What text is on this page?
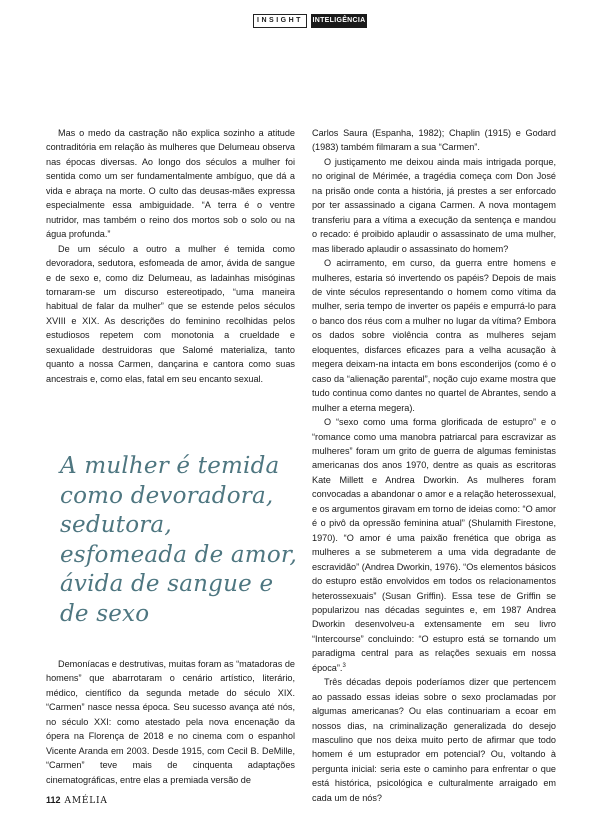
INSIGHT	INTELIGÊNCIA

Mas o medo da castração não explica sozinho a atitude contraditória em relação às mulheres que Delumeau observa nas épocas diversas. Ao longo dos séculos a mulher foi sentida como um ser fundamentalmente ambíguo, que dá a vida e abraça na morte. O culto das deusas-mães expressa especialmente essa ambiguidade. “A terra é o ventre nutridor, mas também o reino dos mortos sob o solo ou na água profunda.”

De um século a outro a mulher é temida como devoradora, sedutora, esfomeada de amor, ávida de sangue e de sexo e, como diz Delumeau, as ladainhas misóginas tornaram-se um discurso estereotipado, “uma maneira habitual de falar da mulher” que se estende pelos séculos XVIII e XIX. As descrições do feminino recolhidas pelos estudiosos repetem com monotonia a crueldade e sexualidade destruidoras que Salomé materializa, tanto quanto a nossa Carmen, dançarina e cantora como suas ancestrais e, como elas, fatal em seu encanto sexual.

A mulher é temida como devoradora, sedutora, esfomeada de amor, ávida de sangue e de sexo

Demoníacas e destrutivas, muitas foram as “matadoras de homens” que abarrotaram o cenário artístico, literário, médico, científico da segunda metade do século XIX. “Carmen” nasce nessa época. Seu sucesso avança até nós, no século XXI: como atestado pela nova encenação da ópera na Florença de 2018 e no cinema com o espanhol Vicente Aranda em 2003. Desde 1915, com Cecil B. DeMille, “Carmen” teve mais de cinquenta adaptações cinematográficas, entre elas a premiada versão de

Carlos Saura (Espanha, 1982); Chaplin (1915) e Godard (1983) também filmaram a sua “Carmen”.

O justiçamento me deixou ainda mais intrigada porque, no original de Mérimée, a tragédia começa com Don José na prisão onde conta a história, já prestes a ser enforcado por ter assassinado a cigana Carmen. A nova montagem transferiu para a vítima a execução da sentença e mandou o recado: é proibido aplaudir o assassinato de uma mulher, mas liberado aplaudir o assassinato do homem?

O acirramento, em curso, da guerra entre homens e mulheres, estaria só invertendo os papéis? Depois de mais de vinte séculos representando o homem como vítima da mulher, seria tempo de inverter os papéis e empurrá-lo para o banco dos réus com a mulher no lugar da vítima? Embora os dados sobre violência contra as mulheres sejam eloquentes, disfarces eficazes para a velha acusação à megera deixam-na intacta em bons esconderijos (como é o caso da “alienação parental”, noção cujo exame mostra que tudo continua como dantes no quartel de Abrantes, sendo a mulher a eterna megera).

O “sexo como uma forma glorificada de estupro” e o “romance como uma manobra patriarcal para escravizar as mulheres” foram um grito de guerra de algumas feministas americanas dos anos 1970, dentre as quais as escritoras Kate Millett e Andrea Dworkin. As mulheres foram convocadas a abandonar o amor e a relação heterossexual, e os argumentos giravam em torno de ideias como: “O amor é o pivô da opressão feminina atual” (Shulamith Firestone, 1970). “O amor é uma paixão frenética que obriga as mulheres a se submeterem a uma vida degradante de escravidão” (Andrea Dworkin, 1976). “Os elementos básicos do estupro estão envolvidos em todos os relacionamentos heterossexuais” (Susan Griffin). Essa tese de Griffin se popularizou nas décadas seguintes e, em 1987 Andrea Dworkin desenvolveu-a extensamente em seu livro “Intercourse” concluindo: “O estupro está se tornando um paradigma central para as relações sexuais em nossa época”.$^3$

Três décadas depois poderíamos dizer que pertencem ao passado essas ideias sobre o sexo proclamadas por algumas americanas? Ou elas continuariam a ecoar em nossos dias, na criminalização generalizada do desejo masculino que nos deixa muito perto de afirmar que todo homem é um estuprador em potencial? Ou, voltando à pergunta inicial: seria este o caminho para enfrentar o que está histórica, psicológica e culturalmente arraigado em cada um de nós?

112 AMÉLIA
